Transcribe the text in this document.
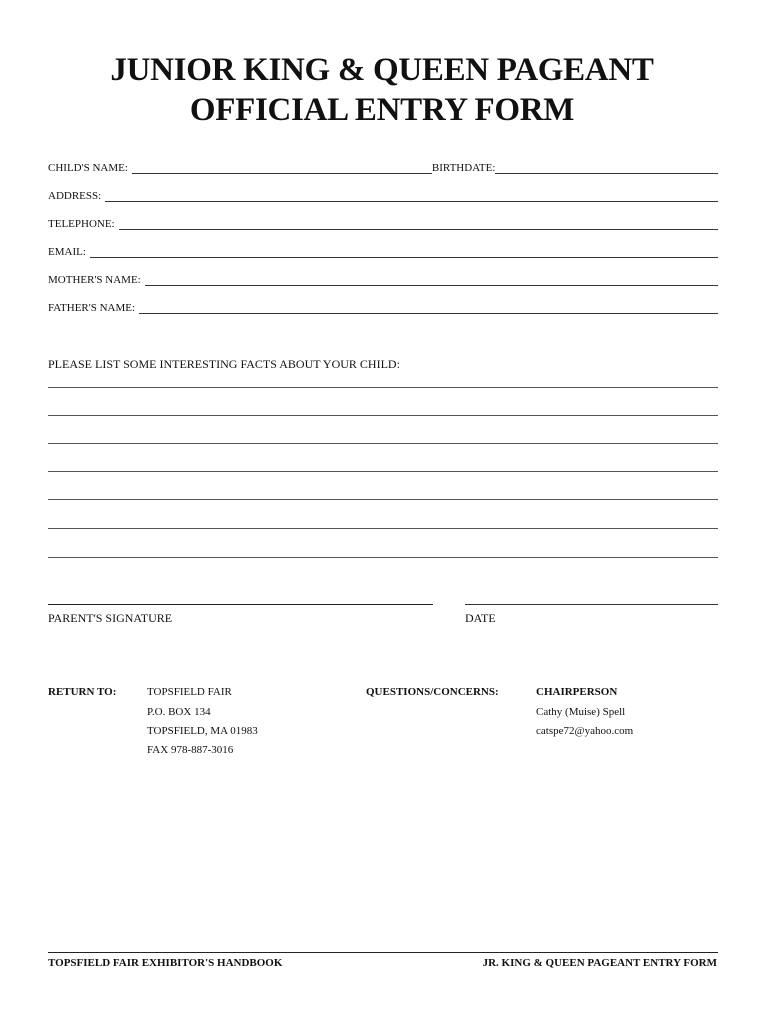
JUNIOR KING & QUEEN PAGEANT
OFFICIAL ENTRY FORM
CHILD'S NAME:	BIRTHDATE:
ADDRESS:
TELEPHONE:
EMAIL:
MOTHER'S NAME:
FATHER'S NAME:
PLEASE LIST SOME INTERESTING FACTS ABOUT YOUR CHILD:
PARENT'S SIGNATURE	DATE
RETURN TO:	TOPSFIELD FAIR
P.O. BOX 134
TOPSFIELD, MA 01983
FAX 978-887-3016
QUESTIONS/CONCERNS:	CHAIRPERSON
Cathy (Muise) Spell
catspe72@yahoo.com
TOPSFIELD FAIR EXHIBITOR'S HANDBOOK	JR. KING & QUEEN PAGEANT ENTRY FORM
